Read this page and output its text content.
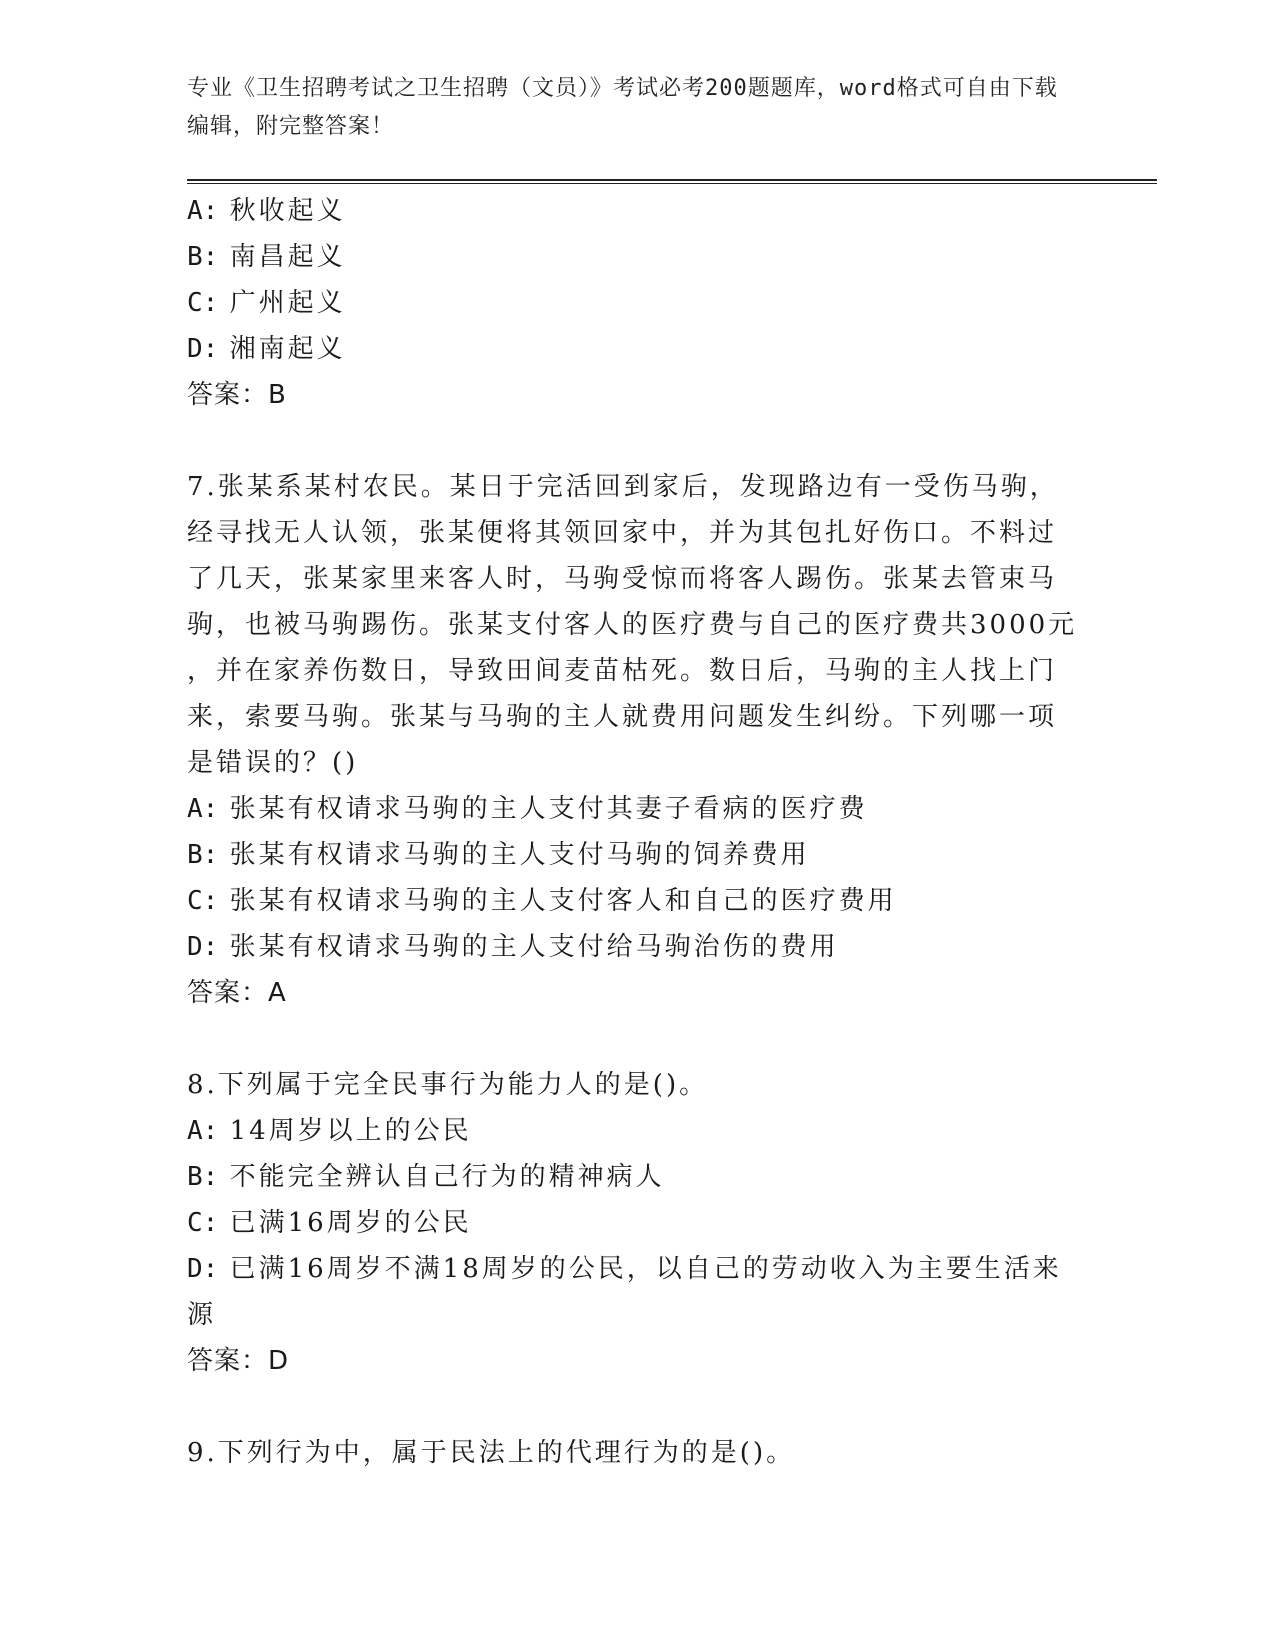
专业《卫生招聘考试之卫生招聘（文员）》考试必考200题题库，word格式可自由下载编辑，附完整答案！
A: 秋收起义
B: 南昌起义
C: 广州起义
D: 湘南起义
答案：B
7.张某系某村农民。某日于完活回到家后，发现路边有一受伤马驹，
经寻找无人认领，张某便将其领回家中，并为其包扎好伤口。不料过
了几天，张某家里来客人时，马驹受惊而将客人踢伤。张某去管束马
驹，也被马驹踢伤。张某支付客人的医疗费与自己的医疗费共3000元
，并在家养伤数日，导致田间麦苗枯死。数日后，马驹的主人找上门
来，索要马驹。张某与马驹的主人就费用问题发生纠纷。下列哪一项
是错误的？()
A: 张某有权请求马驹的主人支付其妻子看病的医疗费
B: 张某有权请求马驹的主人支付马驹的饲养费用
C: 张某有权请求马驹的主人支付客人和自己的医疗费用
D: 张某有权请求马驹的主人支付给马驹治伤的费用
答案：A
8.下列属于完全民事行为能力人的是()。
A: 14周岁以上的公民
B: 不能完全辨认自己行为的精神病人
C: 已满16周岁的公民
D: 已满16周岁不满18周岁的公民，以自己的劳动收入为主要生活来源
答案：D
9.下列行为中，属于民法上的代理行为的是()。
